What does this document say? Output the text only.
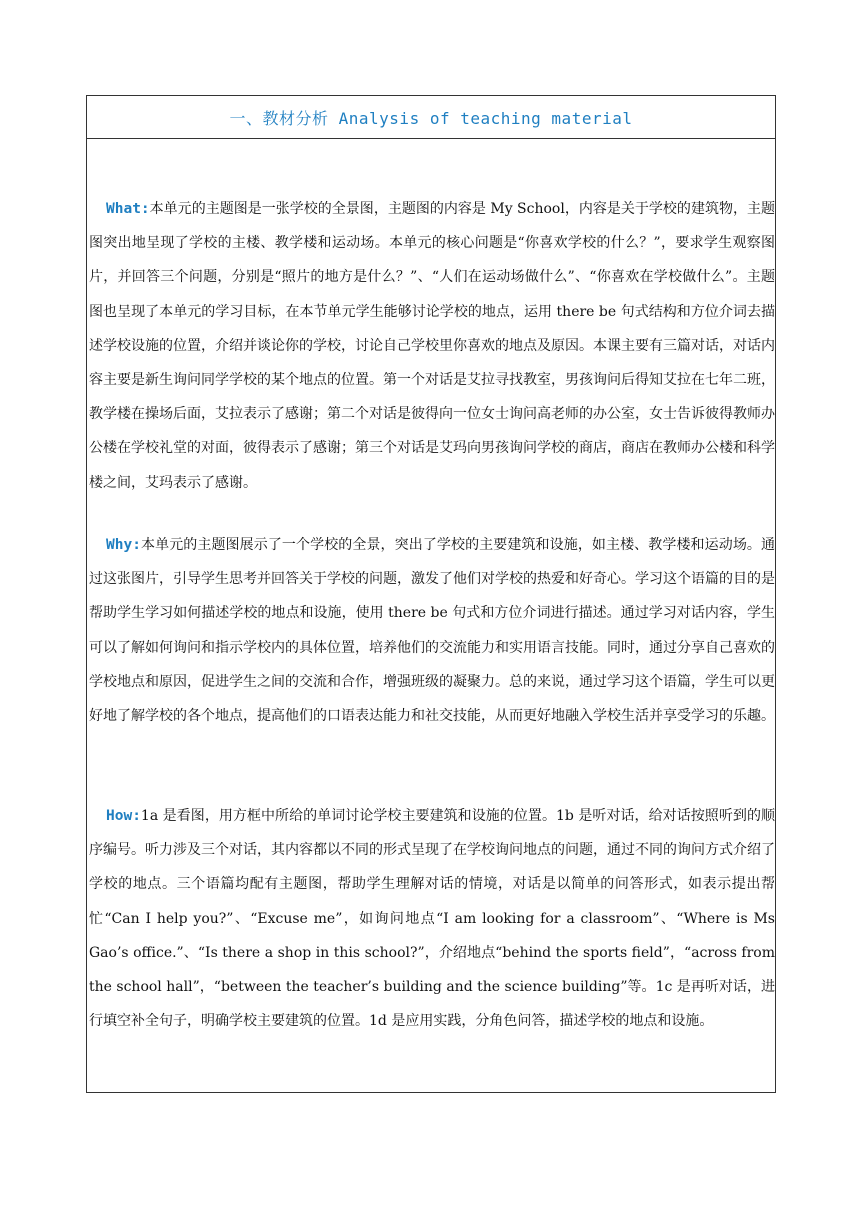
一、教材分析 Analysis of teaching material

What:本单元的主题图是一张学校的全景图，主题图的内容是 My School，内容是关于学校的建筑物，主题图突出地呈现了学校的主楼、教学楼和运动场。本单元的核心问题是“你喜欢学校的什么？”，要求学生观察图片，并回答三个问题，分别是“照片的地方是什么？”、“人们在运动场做什么”、“你喜欢在学校做什么”。主题图也呈现了本单元的学习目标，在本节单元学生能够讨论学校的地点，运用 there be 句式结构和方位介词去描述学校设施的位置，介绍并谈论你的学校，讨论自己学校里你喜欢的地点及原因。本课主要有三篇对话，对话内容主要是新生询问同学学校的某个地点的位置。第一个对话是艾拉寻找教室，男孩询问后得知艾拉在七年二班，教学楼在操场后面，艾拉表示了感谢；第二个对话是彼得向一位女士询问高老师的办公室，女士告诉彼得教师办公楼在学校礼堂的对面，彼得表示了感谢；第三个对话是艾玛向男孩询问学校的商店，商店在教师办公楼和科学楼之间，艾玛表示了感谢。

Why:本单元的主题图展示了一个学校的全景，突出了学校的主要建筑和设施，如主楼、教学楼和运动场。通过这张图片，引导学生思考并回答关于学校的问题，激发了他们对学校的热爱和好奇心。学习这个语篇的目的是帮助学生学习如何描述学校的地点和设施，使用 there be 句式和方位介词进行描述。通过学习对话内容，学生可以了解如何询问和指示学校内的具体位置，培养他们的交流能力和实用语言技能。同时，通过分享自己喜欢的学校地点和原因，促进学生之间的交流和合作，增强班级的凝聚力。总的来说，通过学习这个语篇，学生可以更好地了解学校的各个地点，提高他们的口语表达能力和社交技能，从而更好地融入学校生活并享受学习的乐趣。

How:1a 是看图，用方框中所给的单词讨论学校主要建筑和设施的位置。1b 是听对话，给对话按照听到的顺序编号。听力涉及三个对话，其内容都以不同的形式呈现了在学校询问地点的问题，通过不同的询问方式介绍了学校的地点。三个语篇均配有主题图，帮助学生理解对话的情境，对话是以简单的问答形式，如表示提出帮忙“Can I help you?”、“Excuse me”，如询问地点“I am looking for a classroom”、“Where is Ms Gao’s office.”、“Is there a shop in this school?”，介绍地点“behind the sports field”，“across from the school hall”，“between the teacher’s building and the science building”等。1c 是再听对话，进行填空补全句子，明确学校主要建筑的位置。1d 是应用实践，分角色问答，描述学校的地点和设施。
